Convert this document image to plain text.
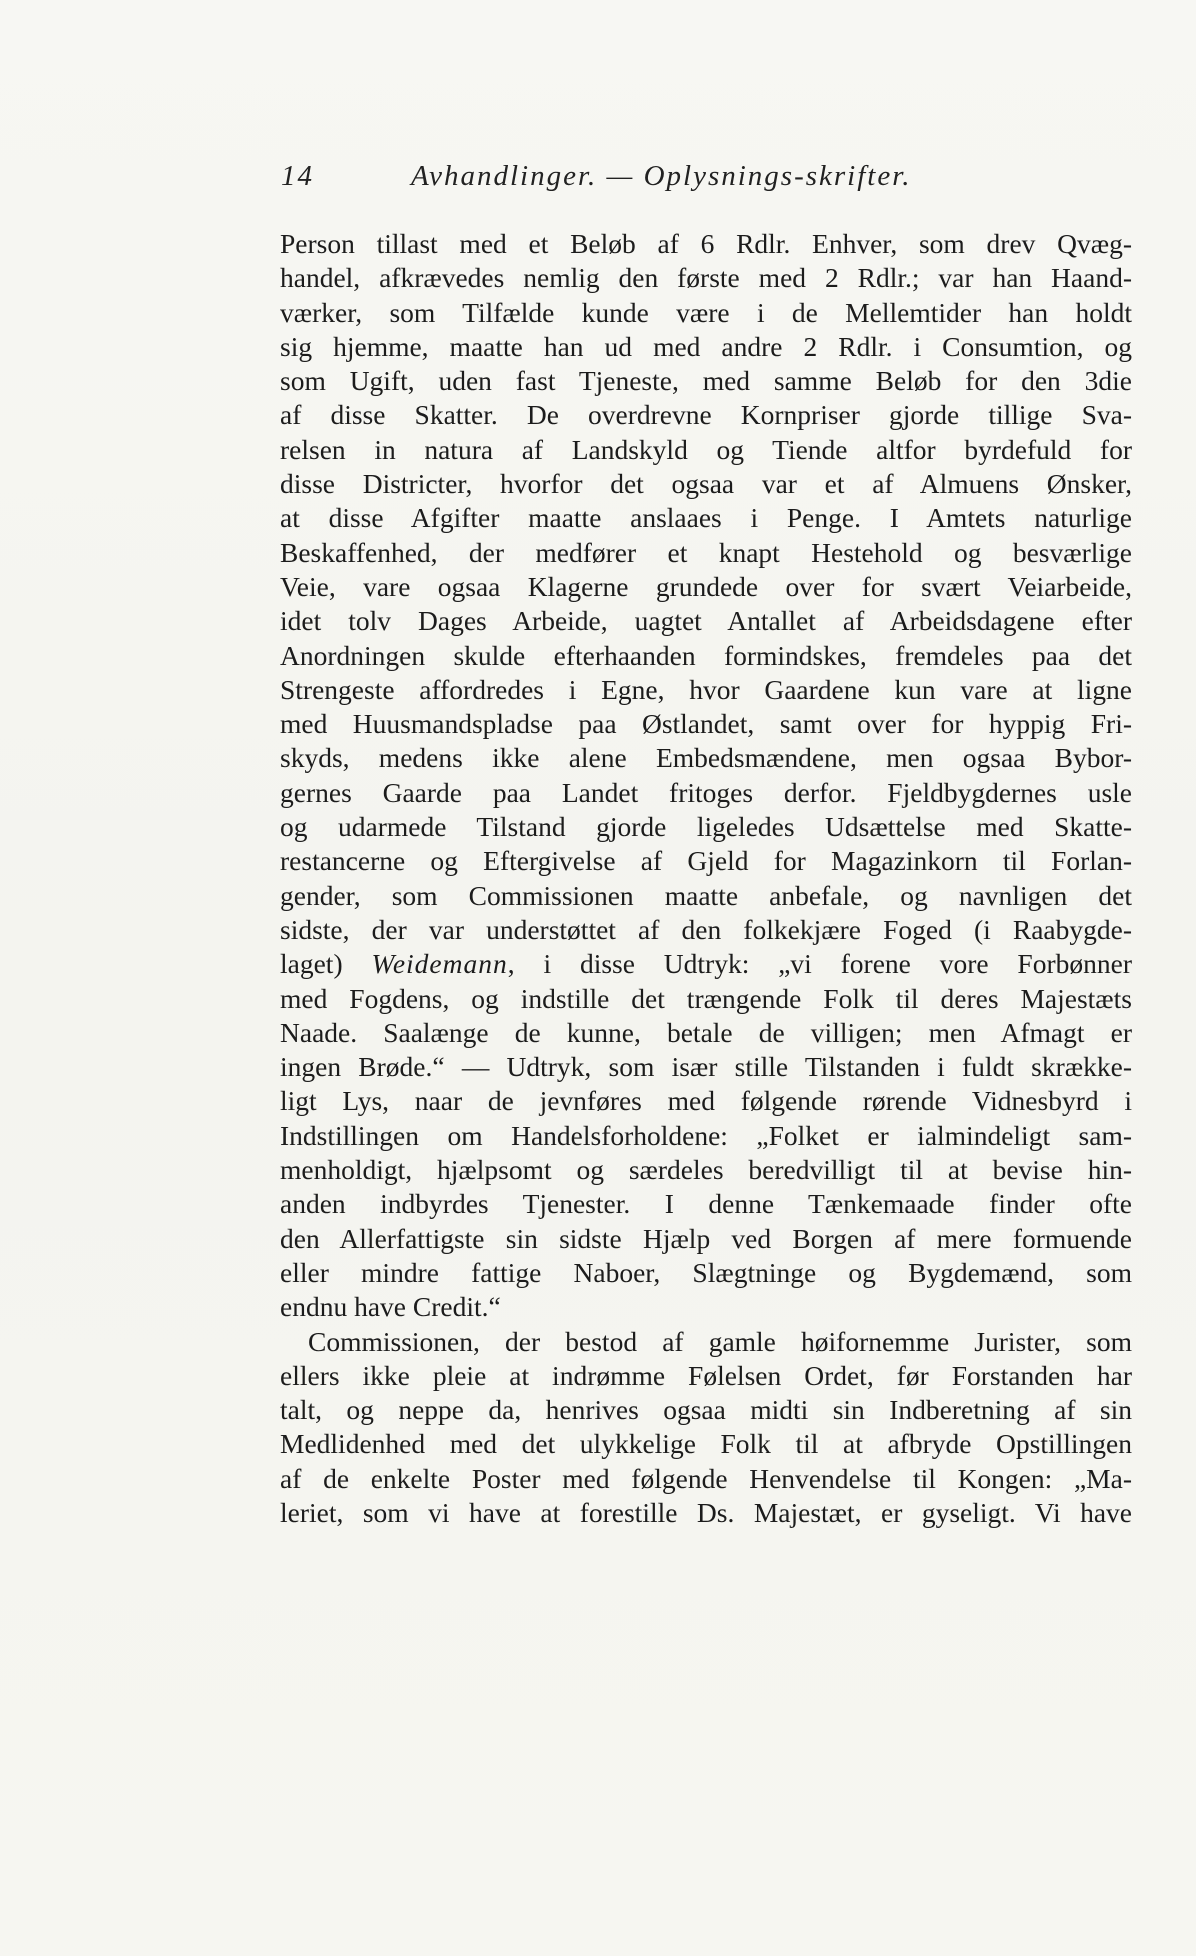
14	Avhandlinger. — Oplysnings-skrifter.
Person tillast med et Beløb af 6 Rdlr. Enhver, som drev Qvæg-
handel, afkrævedes nemlig den første med 2 Rdlr.; var han Haand-
værker, som Tilfælde kunde være i de Mellemtider han holdt
sig hjemme, maatte han ud med andre 2 Rdlr. i Consumtion, og
som Ugift, uden fast Tjeneste, med samme Beløb for den 3die
af disse Skatter. De overdrevne Kornpriser gjorde tillige Sva-
relsen in natura af Landskyld og Tiende altfor byrdefuld for
disse Districter, hvorfor det ogsaa var et af Almuens Ønsker,
at disse Afgifter maatte anslaaes i Penge. I Amtets naturlige
Beskaffenhed, der medfører et knapt Hestehold og besværlige
Veie, vare ogsaa Klagerne grundede over for svært Veiarbeide,
idet tolv Dages Arbeide, uagtet Antallet af Arbeidsdagene efter
Anordningen skulde efterhaanden formindskes, fremdeles paa det
Strengeste affordredes i Egne, hvor Gaardene kun vare at ligne
med Huusmandspladse paa Østlandet, samt over for hyppig Fri-
skyds, medens ikke alene Embedsmændene, men ogsaa Bybor-
gernes Gaarde paa Landet fritoges derfor. Fjeldbygdernes usle
og udarmede Tilstand gjorde ligeledes Udsættelse med Skatte-
restancerne og Eftergivelse af Gjeld for Magazinkorn til Forlan-
gender, som Commissionen maatte anbefale, og navnligen det
sidste, der var understøttet af den folkekjære Foged (i Raabygde-
laget) Weidemann, i disse Udtryk: „vi forene vore Forbønner
med Fogdens, og indstille det trængende Folk til deres Majestæts
Naade. Saalænge de kunne, betale de villigen; men Afmagt er
ingen Brøde.“ — Udtryk, som især stille Tilstanden i fuldt skrække-
ligt Lys, naar de jevnføres med følgende rørende Vidnesbyrd i
Indstillingen om Handelsforholdene: „Folket er ialmindeligt sam-
menholdigt, hjælpsomt og særdeles beredvilligt til at bevise hin-
anden indbyrdes Tjenester. I denne Tænkemaade finder ofte
den Allerfattigste sin sidste Hjælp ved Borgen af mere formuende
eller mindre fattige Naboer, Slægtninge og Bygdemænd, som
endnu have Credit.“
Commissionen, der bestod af gamle høifornemme Jurister, som
ellers ikke pleie at indrømme Følelsen Ordet, før Forstanden har
talt, og neppe da, henrives ogsaa midti sin Indberetning af sin
Medlidenhed med det ulykkelige Folk til at afbryde Opstillingen
af de enkelte Poster med følgende Henvendelse til Kongen: „Ma-
leriet, som vi have at forestille Ds. Majestæt, er gyseligt. Vi have
